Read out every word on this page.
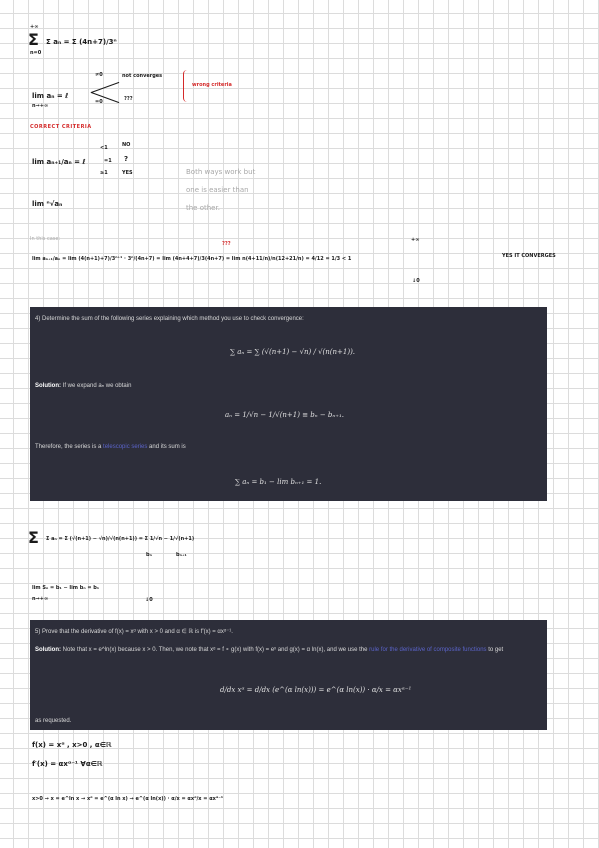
Σ
+∞
n=0
Σ aₙ = Σ (4n+7)/3ⁿ
lim aₙ = ℓ
n→+∞
≠0
=0
not converges
???
wrong criteria
CORRECT CRITERIA
lim aₙ₊₁/aₙ = ℓ
<1
=1
≥1
NO
?
YES
lim ⁿ√aₙ
Both ways work but
one is easier than
the other.
In this case:
???
+∞
lim aₙ₊₁/aₙ = lim (4(n+1)+7)/3ⁿ⁺¹ · 3ⁿ/(4n+7) = lim (4n+4+7)/3(4n+7) = lim n(4+11/n)/n(12+21/n) = 4/12 = 1/3 < 1
↓0
YES IT CONVERGES
4) Determine the sum of the following series explaining which method you use to check convergence:
∑ aₙ = ∑ (√(n+1) − √n) / √(n(n+1)).
Solution: If we expand aₙ we obtain
aₙ = 1/√n − 1/√(n+1) ≡ bₙ − bₙ₊₁.
Therefore, the series is a telescopic series and its sum is
∑ aₙ = b₁ − lim bₙ₊₁ = 1.
Σ Σ aₙ = Σ (√(n+1) − √n)/√(n(n+1)) = Σ 1/√n − 1/√(n+1)
bₙ	bₙ₊₁
lim Sₙ = b₁ − lim bₙ = b₁
n→+∞	↓0
5) Prove that the derivative of f(x) = xᵅ with x > 0 and α ∈ ℝ is f′(x) = αxᵅ⁻¹.
Solution: Note that x = e^ln(x) because x > 0. Then, we note that xᵅ = f ∘ g(x) with f(x) = eˣ and g(x) = α ln(x), and we use the rule for the derivative of composite functions to get
d/dx xᵅ = d/dx (e^(α ln(x))) = e^(α ln(x)) · α/x = αxᵅ⁻¹
as requested.
f(x) = xᵅ , x>0 , α∈ℝ
f′(x) = αxᵅ⁻¹ ∀α∈ℝ
x>0 → x = e^ln x → xᵅ = e^(α ln x) → e^(α ln(x)) · α/x = αxᵅ/x = αxᵅ⁻¹
